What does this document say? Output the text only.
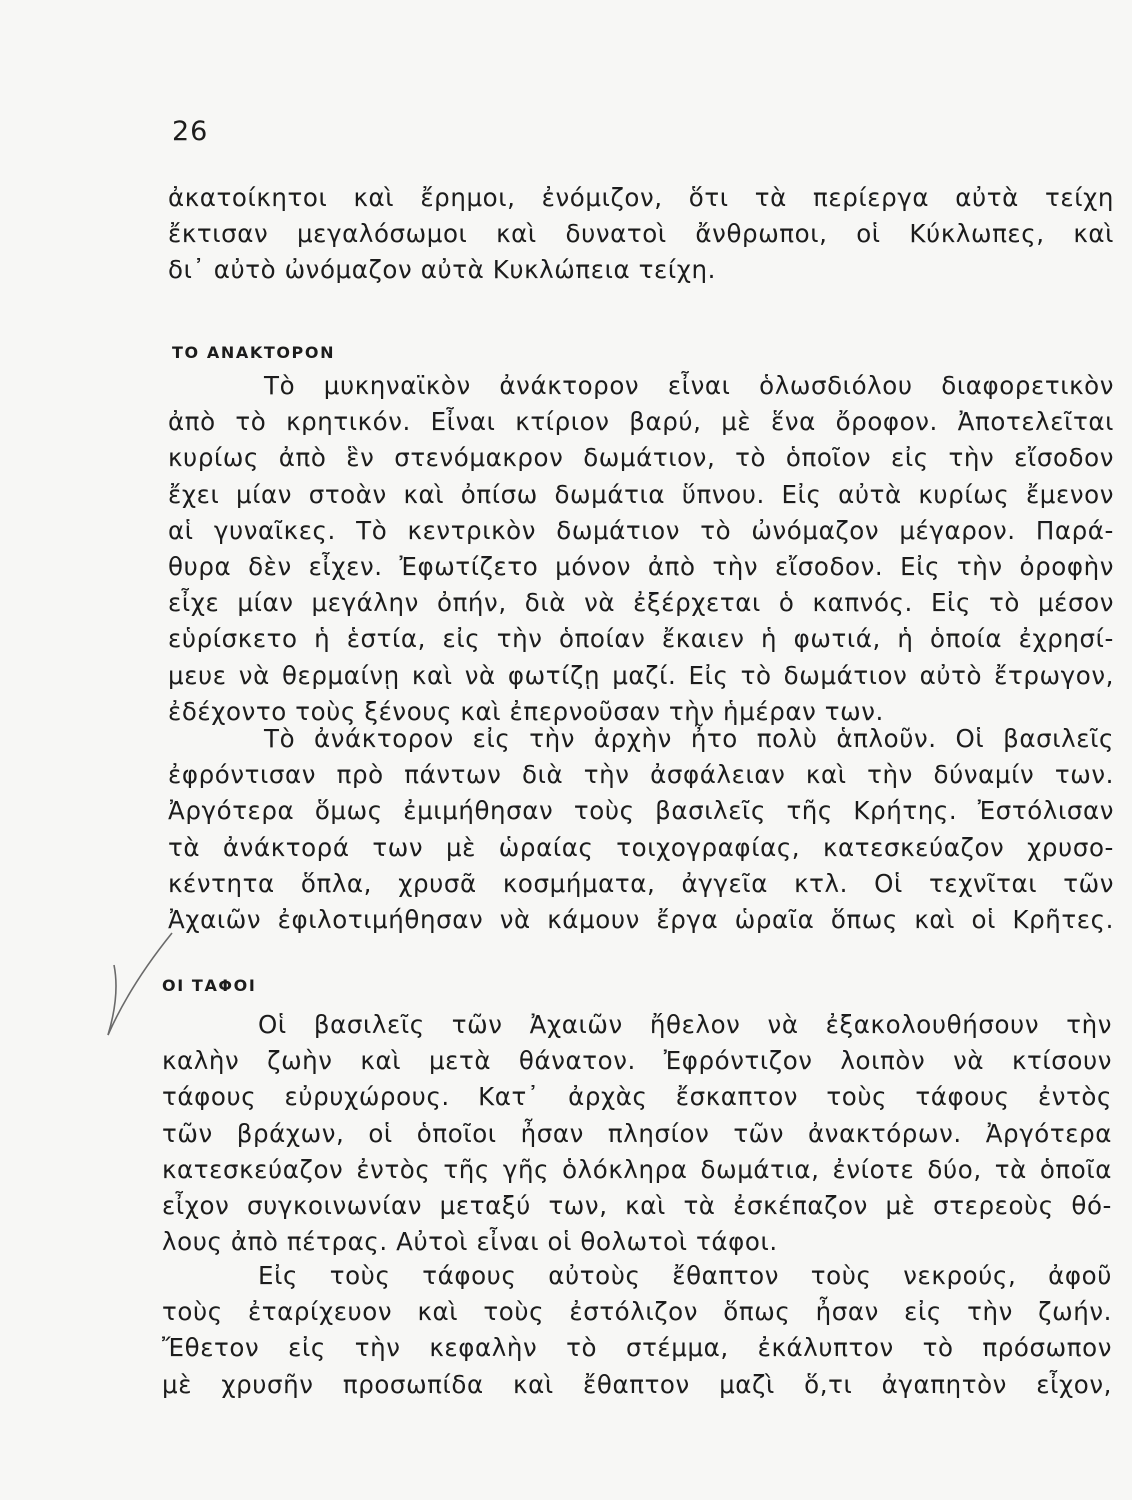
26
ἀκατοίκητοι καὶ ἔρημοι, ἐνόμιζον, ὅτι τὰ περίεργα αὐτὰ τείχη
ἔκτισαν μεγαλόσωμοι καὶ δυνατοὶ ἄνθρωποι, οἱ Κύκλωπες, καὶ
δι᾽ αὐτὸ ὠνόμαζον αὐτὰ Κυκλώπεια τείχη.
ΤΟ ΑΝΑΚΤΟΡΟΝ
Τὸ μυκηναϊκὸν ἀνάκτορον εἶναι ὁλωσδιόλου διαφορετικὸν
ἀπὸ τὸ κρητικόν. Εἶναι κτίριον βαρύ, μὲ ἕνα ὄροφον. Ἀποτελεῖται
κυρίως ἀπὸ ἓν στενόμακρον δωμάτιον, τὸ ὁποῖον εἰς τὴν εἴσοδον
ἔχει μίαν στοὰν καὶ ὀπίσω δωμάτια ὕπνου. Εἰς αὐτὰ κυρίως ἔμενον
αἱ γυναῖκες. Τὸ κεντρικὸν δωμάτιον τὸ ὠνόμαζον μέγαρον. Παρά-
θυρα δὲν εἶχεν. Ἐφωτίζετο μόνον ἀπὸ τὴν εἴσοδον. Εἰς τὴν ὀροφὴν
εἶχε μίαν μεγάλην ὀπήν, διὰ νὰ ἐξέρχεται ὁ καπνός. Εἰς τὸ μέσον
εὑρίσκετο ἡ ἑστία, εἰς τὴν ὁποίαν ἔκαιεν ἡ φωτιά, ἡ ὁποία ἐχρησί-
μευε νὰ θερμαίνῃ καὶ νὰ φωτίζῃ μαζί. Εἰς τὸ δωμάτιον αὐτὸ ἔτρωγον,
ἐδέχοντο τοὺς ξένους καὶ ἐπερνοῦσαν τὴν ἡμέραν των.
Τὸ ἀνάκτορον εἰς τὴν ἀρχὴν ἦτο πολὺ ἁπλοῦν. Οἱ βασιλεῖς
ἐφρόντισαν πρὸ πάντων διὰ τὴν ἀσφάλειαν καὶ τὴν δύναμίν των.
Ἀργότερα ὅμως ἐμιμήθησαν τοὺς βασιλεῖς τῆς Κρήτης. Ἐστόλισαν
τὰ ἀνάκτορά των μὲ ὡραίας τοιχογραφίας, κατεσκεύαζον χρυσο-
κέντητα ὅπλα, χρυσᾶ κοσμήματα, ἀγγεῖα κτλ. Οἱ τεχνῖται τῶν
Ἀχαιῶν ἐφιλοτιμήθησαν νὰ κάμουν ἔργα ὡραῖα ὅπως καὶ οἱ Κρῆτες.
ΟΙ ΤΑΦΟΙ
Οἱ βασιλεῖς τῶν Ἀχαιῶν ἤθελον νὰ ἐξακολουθήσουν τὴν
καλὴν ζωὴν καὶ μετὰ θάνατον. Ἐφρόντιζον λοιπὸν νὰ κτίσουν
τάφους εὐρυχώρους. Κατ᾽ ἀρχὰς ἔσκαπτον τοὺς τάφους ἐντὸς
τῶν βράχων, οἱ ὁποῖοι ἦσαν πλησίον τῶν ἀνακτόρων. Ἀργότερα
κατεσκεύαζον ἐντὸς τῆς γῆς ὁλόκληρα δωμάτια, ἐνίοτε δύο, τὰ ὁποῖα
εἶχον συγκοινωνίαν μεταξύ των, καὶ τὰ ἐσκέπαζον μὲ στερεοὺς θό-
λους ἀπὸ πέτρας. Αὐτοὶ εἶναι οἱ θολωτοὶ τάφοι.
Εἰς τοὺς τάφους αὐτοὺς ἔθαπτον τοὺς νεκρούς, ἀφοῦ
τοὺς ἐταρίχευον καὶ τοὺς ἐστόλιζον ὅπως ἦσαν εἰς τὴν ζωήν.
Ἔθετον εἰς τὴν κεφαλὴν τὸ στέμμα, ἐκάλυπτον τὸ πρόσωπον
μὲ χρυσῆν προσωπίδα καὶ ἔθαπτον μαζὶ ὅ,τι ἀγαπητὸν εἶχον,
